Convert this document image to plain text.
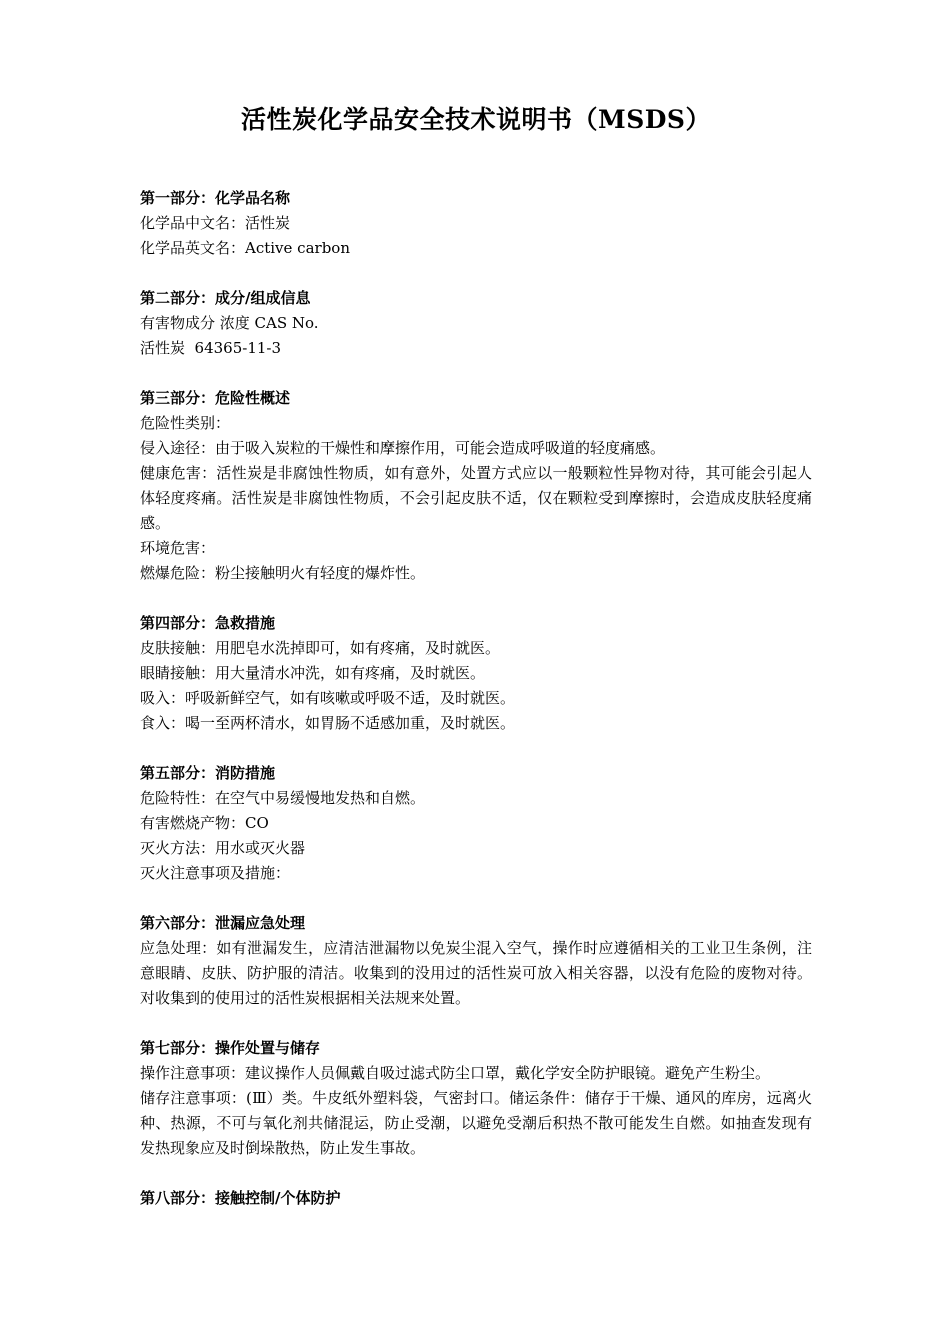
活性炭化学品安全技术说明书（MSDS）

第一部分：化学品名称

化学品中文名：活性炭

化学品英文名：Active carbon

第二部分：成分/组成信息

有害物成分 浓度 CAS No.

活性炭  64365-11-3

第三部分：危险性概述

危险性类别：

侵入途径：由于吸入炭粒的干燥性和摩擦作用，可能会造成呼吸道的轻度痛感。

健康危害：活性炭是非腐蚀性物质，如有意外，处置方式应以一般颗粒性异物对待，其可能会引起人体轻度疼痛。活性炭是非腐蚀性物质，不会引起皮肤不适，仅在颗粒受到摩擦时，会造成皮肤轻度痛感。

环境危害：

燃爆危险：粉尘接触明火有轻度的爆炸性。

第四部分：急救措施

皮肤接触：用肥皂水洗掉即可，如有疼痛，及时就医。

眼睛接触：用大量清水冲洗，如有疼痛，及时就医。

吸入：呼吸新鲜空气，如有咳嗽或呼吸不适，及时就医。

食入：喝一至两杯清水，如胃肠不适感加重，及时就医。

第五部分：消防措施

危险特性：在空气中易缓慢地发热和自燃。

有害燃烧产物：CO

灭火方法：用水或灭火器

灭火注意事项及措施：

第六部分：泄漏应急处理

应急处理：如有泄漏发生，应清洁泄漏物以免炭尘混入空气，操作时应遵循相关的工业卫生条例，注意眼睛、皮肤、防护服的清洁。收集到的没用过的活性炭可放入相关容器，以没有危险的废物对待。对收集到的使用过的活性炭根据相关法规来处置。

第七部分：操作处置与储存

操作注意事项：建议操作人员佩戴自吸过滤式防尘口罩，戴化学安全防护眼镜。避免产生粉尘。

储存注意事项：(Ⅲ）类。牛皮纸外塑料袋，气密封口。储运条件：储存于干燥、通风的库房，远离火种、热源，不可与氧化剂共储混运，防止受潮，以避免受潮后积热不散可能发生自燃。如抽查发现有发热现象应及时倒垛散热，防止发生事故。

第八部分：接触控制/个体防护
